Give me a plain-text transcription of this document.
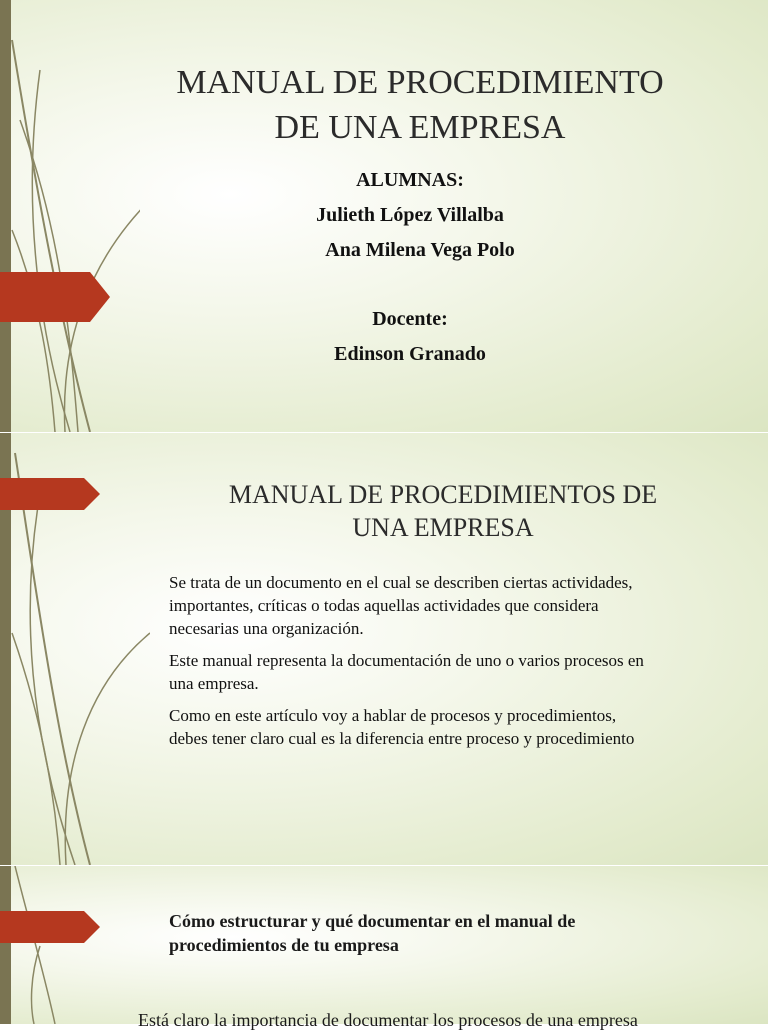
MANUAL DE PROCEDIMIENTO
DE UNA EMPRESA
ALUMNAS:
Julieth López Villalba
Ana Milena Vega Polo
Docente:
Edinson Granado
MANUAL DE PROCEDIMIENTOS DE
UNA EMPRESA
Se trata de un documento en el cual se describen ciertas actividades,
importantes, críticas o todas aquellas actividades que considera
necesarias una organización.
Este manual representa la documentación de uno o varios procesos en
una empresa.
Como en este artículo voy a hablar de procesos y procedimientos,
debes tener claro cual es la diferencia entre proceso y procedimiento
Cómo estructurar y qué documentar en el manual de
procedimientos de tu empresa
Está claro la importancia de documentar los procesos de una empresa
